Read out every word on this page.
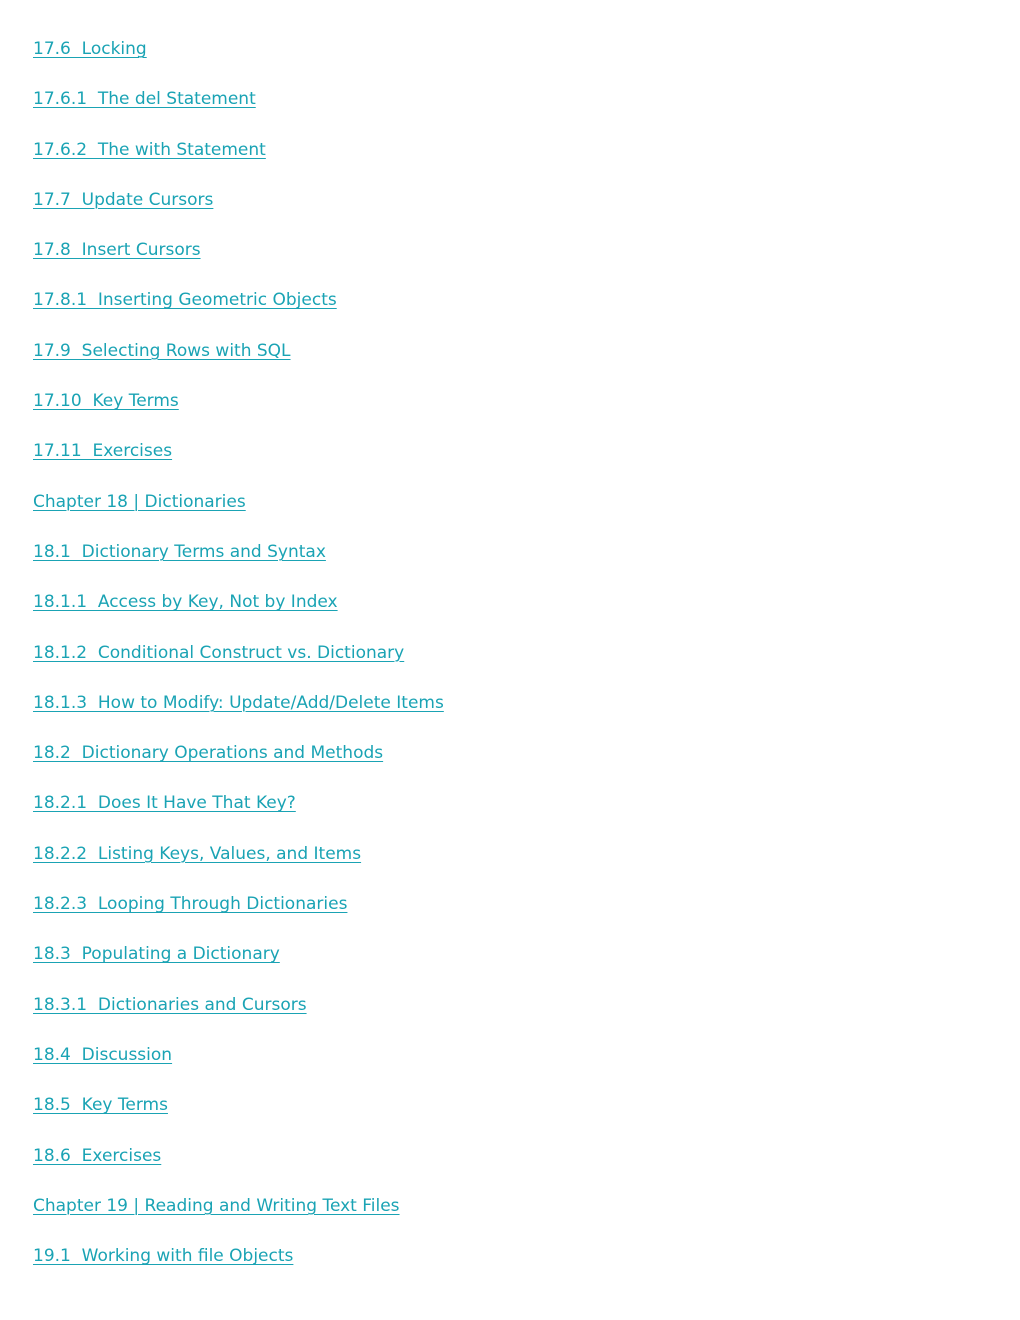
17.6  Locking
17.6.1  The del Statement
17.6.2  The with Statement
17.7  Update Cursors
17.8  Insert Cursors
17.8.1  Inserting Geometric Objects
17.9  Selecting Rows with SQL
17.10  Key Terms
17.11  Exercises
Chapter 18 | Dictionaries
18.1  Dictionary Terms and Syntax
18.1.1  Access by Key, Not by Index
18.1.2  Conditional Construct vs. Dictionary
18.1.3  How to Modify: Update/Add/Delete Items
18.2  Dictionary Operations and Methods
18.2.1  Does It Have That Key?
18.2.2  Listing Keys, Values, and Items
18.2.3  Looping Through Dictionaries
18.3  Populating a Dictionary
18.3.1  Dictionaries and Cursors
18.4  Discussion
18.5  Key Terms
18.6  Exercises
Chapter 19 | Reading and Writing Text Files
19.1  Working with file Objects
